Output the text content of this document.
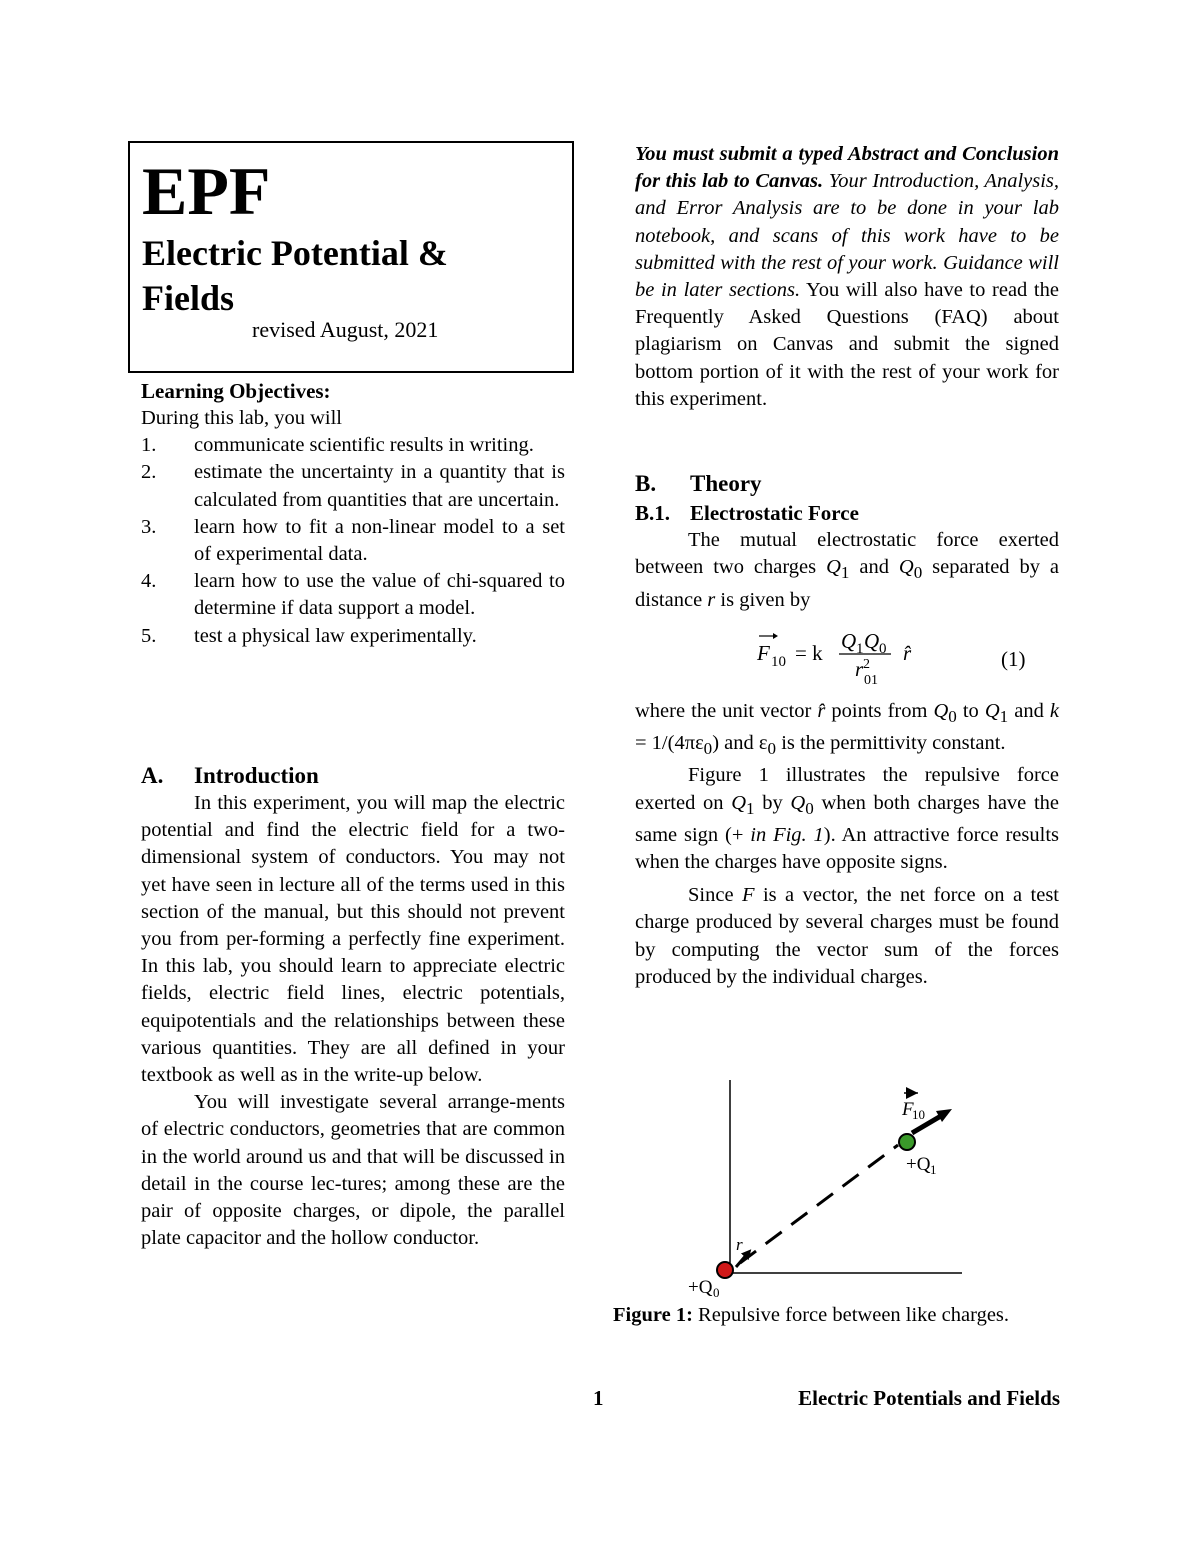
EPF
Electric Potential & Fields
revised August, 2021
Learning Objectives:
During this lab, you will
1. communicate scientific results in writing.
2. estimate the uncertainty in a quantity that is calculated from quantities that are uncertain.
3. learn how to fit a non-linear model to a set of experimental data.
4. learn how to use the value of chi-squared to determine if data support a model.
5. test a physical law experimentally.
A. Introduction

In this experiment, you will map the electric potential and find the electric field for a two-dimensional system of conductors. You may not yet have seen in lecture all of the terms used in this section of the manual, but this should not prevent you from per-forming a perfectly fine experiment. In this lab, you should learn to appreciate electric fields, electric field lines, electric potentials, equipotentials and the relationships between these various quantities. They are all defined in your textbook as well as in the write-up below.

You will investigate several arrange-ments of electric conductors, geometries that are common in the world around us and that will be discussed in detail in the course lec-tures; among these are the pair of opposite charges, or dipole, the parallel plate capacitor and the hollow conductor.

You must submit a typed Abstract and Conclusion for this lab to Canvas. Your Introduction, Analysis, and Error Analysis are to be done in your lab notebook, and scans of this work have to be submitted with the rest of your work. Guidance will be in later sections. You will also have to read the Frequently Asked Questions (FAQ) about plagiarism on Canvas and submit the signed bottom portion of it with the rest of your work for this experiment.

B. Theory
B.1. Electrostatic Force

The mutual electrostatic force exerted between two charges $Q_1$ and $Q_0$ separated by a distance r is given by

F 10 = k Q 1 Q 0
r 2
01
r̂	(1)

where the unit vector r̂ points from $Q_0$ to $Q_1$ and $k = 1/(4\pi\varepsilon_0)$ and $\varepsilon_0$ is the permittivity constant.

Figure 1 illustrates the repulsive force exerted on $Q_1$ by $Q_0$ when both charges have the same sign (+ in Fig. 1). An attractive force results when the charges have opposite signs.

Since F is a vector, the net force on a test charge produced by several charges must be found by computing the vector sum of the forces produced by the individual charges.

F
10
+Q 1
r
+Q 0

Figure 1: Repulsive force between like charges.

1	Electric Potentials and Fields
